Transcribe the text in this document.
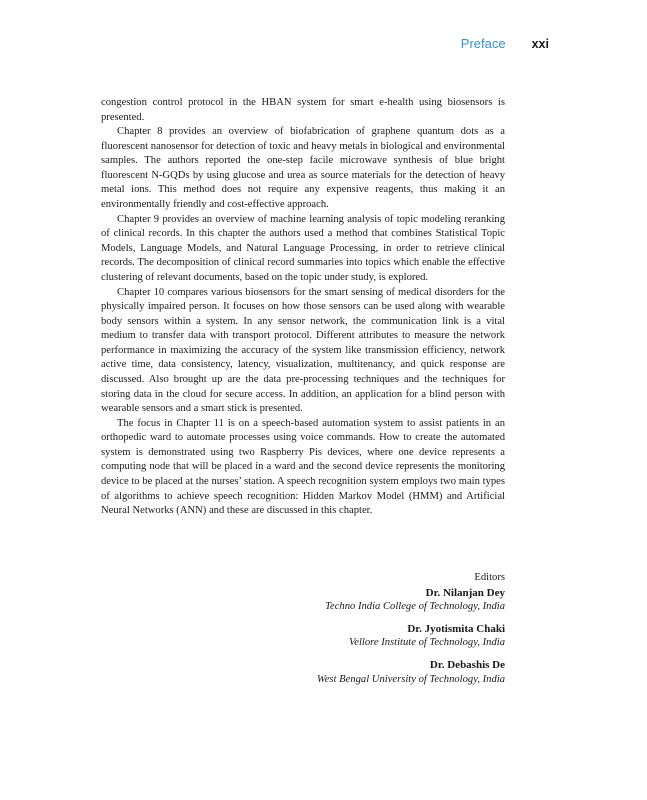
Preface xxi

congestion control protocol in the HBAN system for smart e-health using biosensors is presented.

Chapter 8 provides an overview of biofabrication of graphene quantum dots as a fluorescent nanosensor for detection of toxic and heavy metals in biological and environmental samples. The authors reported the one-step facile microwave synthesis of blue bright fluorescent N-GQDs by using glucose and urea as source materials for the detection of heavy metal ions. This method does not require any expensive reagents, thus making it an environmentally friendly and cost-effective approach.

Chapter 9 provides an overview of machine learning analysis of topic modeling reranking of clinical records. In this chapter the authors used a method that combines Statistical Topic Models, Language Models, and Natural Language Processing, in order to retrieve clinical records. The decomposition of clinical record summaries into topics which enable the effective clustering of relevant documents, based on the topic under study, is explored.

Chapter 10 compares various biosensors for the smart sensing of medical disorders for the physically impaired person. It focuses on how those sensors can be used along with wearable body sensors within a system. In any sensor network, the communication link is a vital medium to transfer data with transport protocol. Different attributes to measure the network performance in maximizing the accuracy of the system like transmission efficiency, network active time, data consistency, latency, visualization, multitenancy, and quick response are discussed. Also brought up are the data pre-processing techniques and the techniques for storing data in the cloud for secure access. In addition, an application for a blind person with wearable sensors and a smart stick is presented.

The focus in Chapter 11 is on a speech-based automation system to assist patients in an orthopedic ward to automate processes using voice commands. How to create the automated system is demonstrated using two Raspberry Pis devices, where one device represents a computing node that will be placed in a ward and the second device represents the monitoring device to be placed at the nurses’ station. A speech recognition system employs two main types of algorithms to achieve speech recognition: Hidden Markov Model (HMM) and Artificial Neural Networks (ANN) and these are discussed in this chapter.

Editors
Dr. Nilanjan Dey
Techno India College of Technology, India
Dr. Jyotismita Chaki
Vellore Institute of Technology, India
Dr. Debashis De
West Bengal University of Technology, India
